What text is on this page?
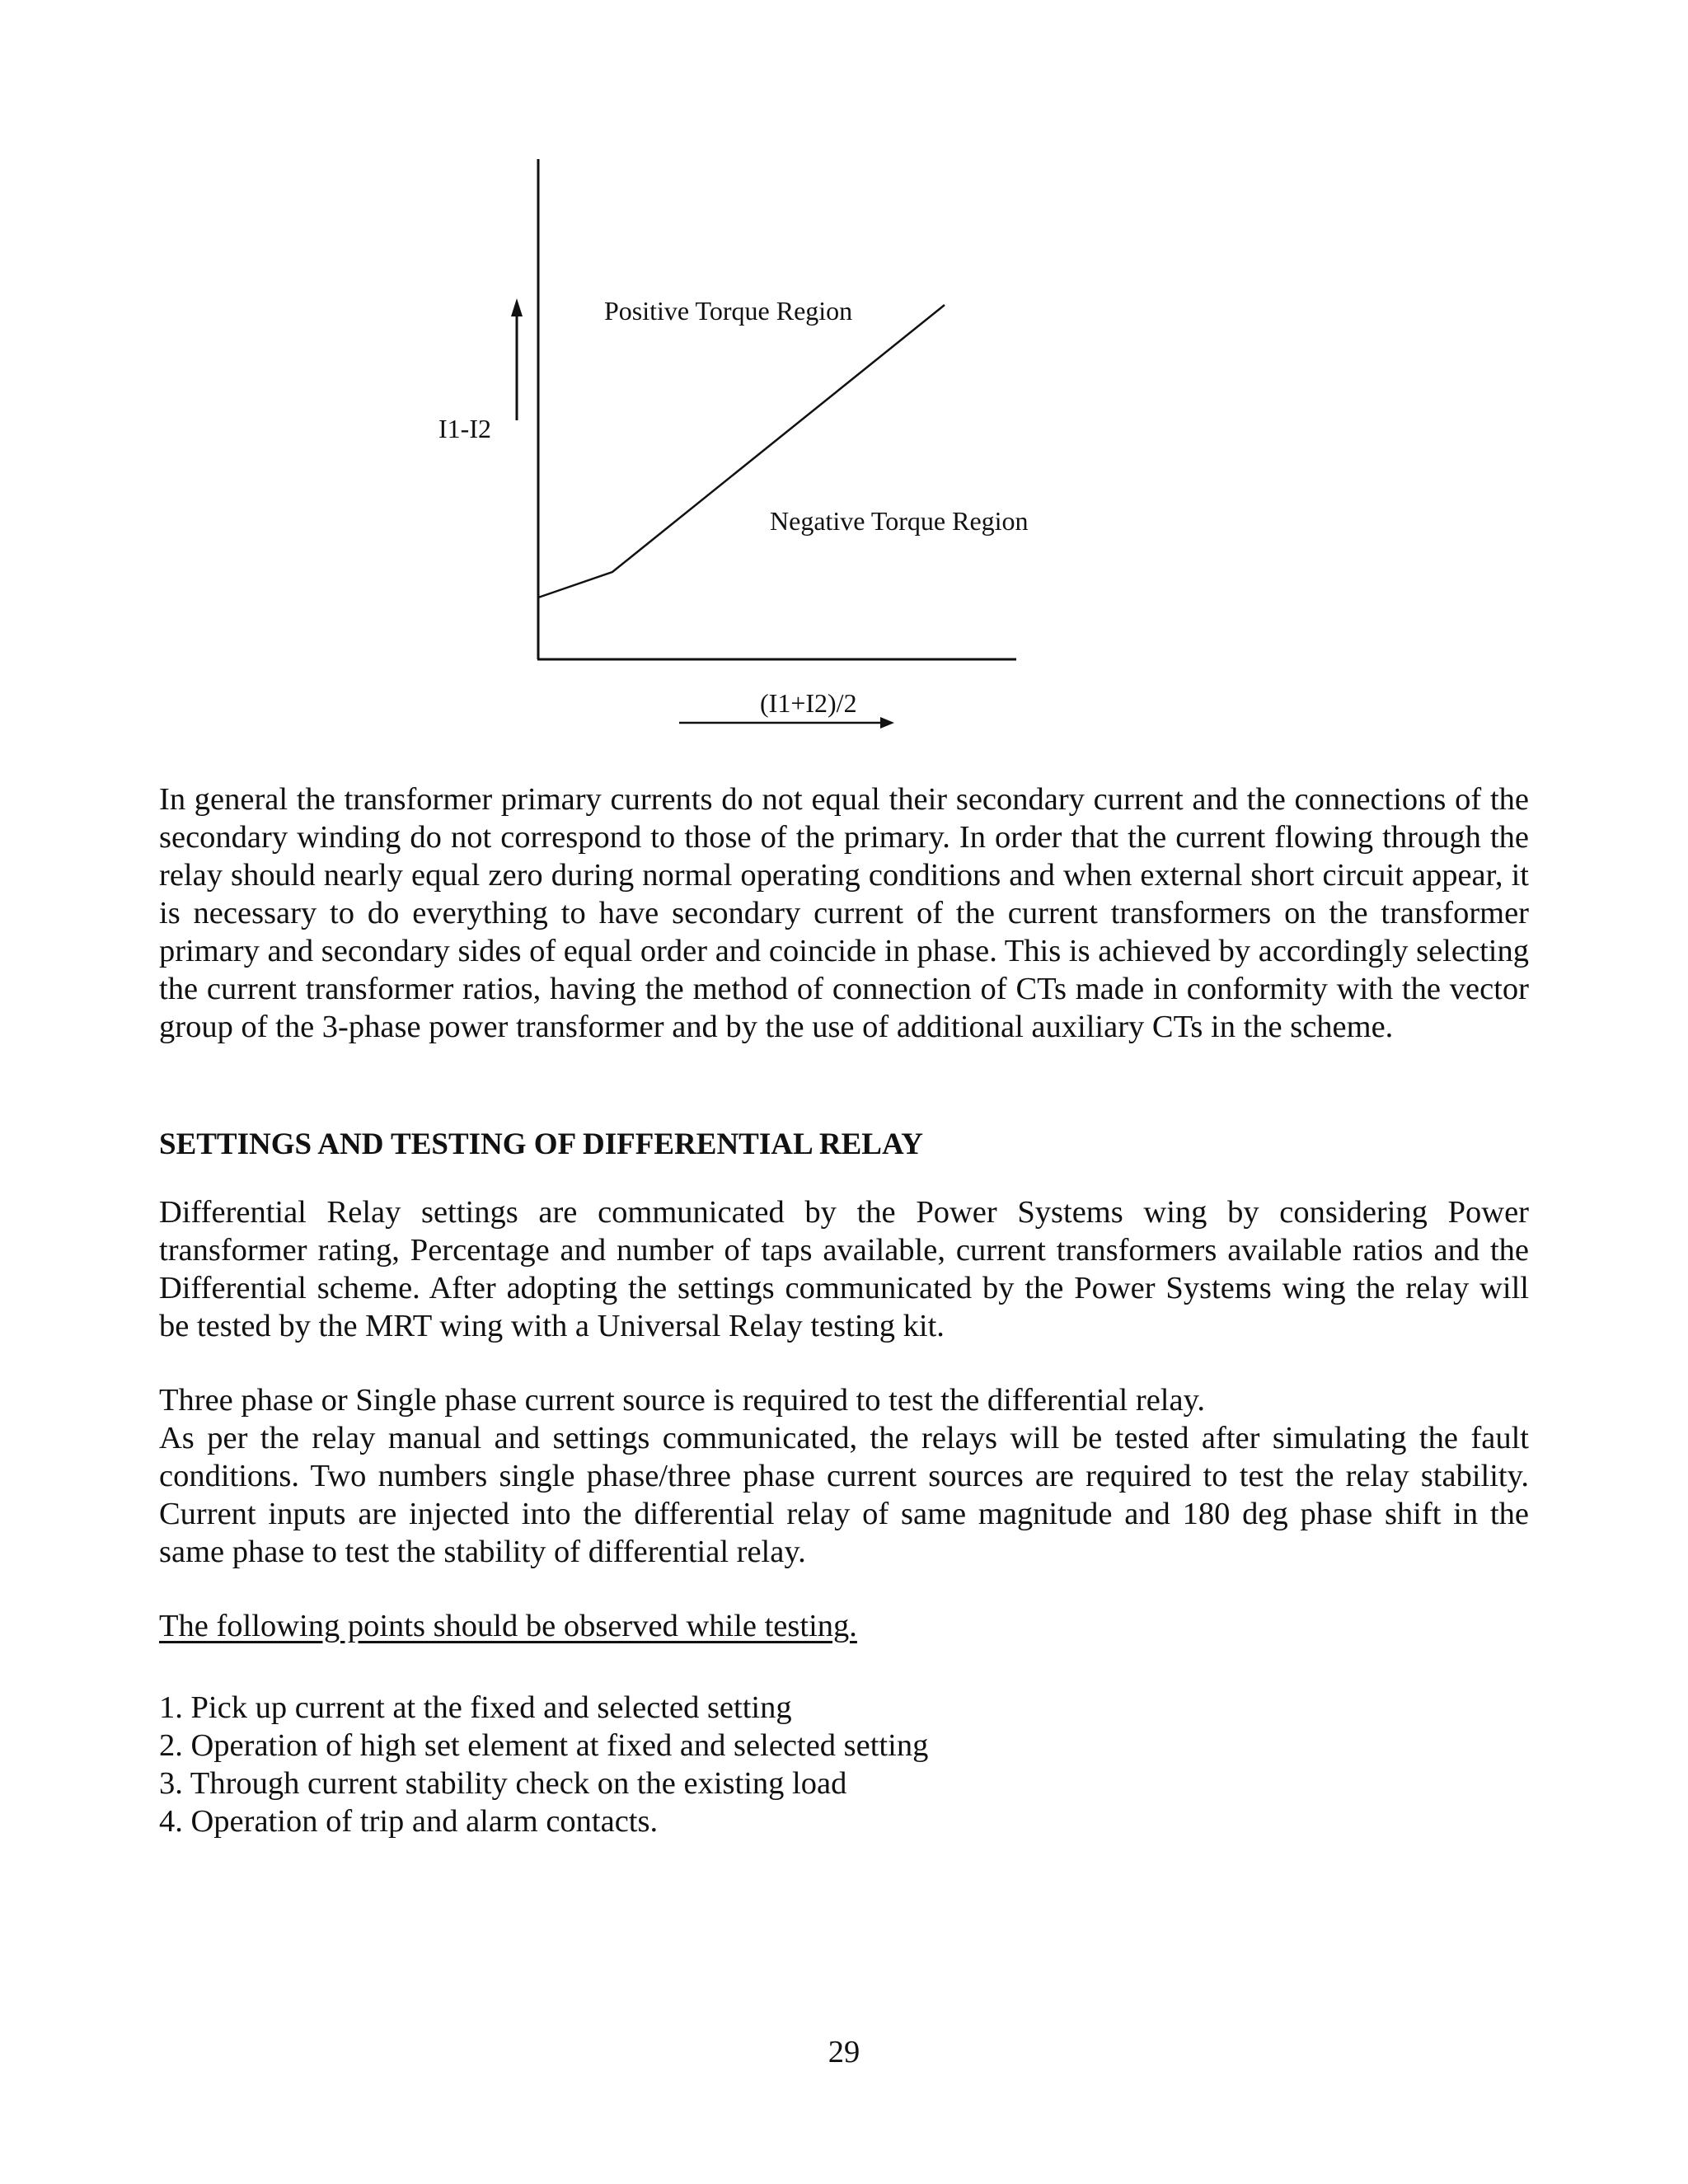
Positive Torque Region
Negative Torque Region
I1-I2
(I1+I2)/2

In general the transformer primary currents do not equal their secondary current and the connections of the secondary winding do not correspond to those of the primary. In order that the current flowing through the relay should nearly equal zero during normal operating conditions and when external short circuit appear, it is necessary to do everything to have secondary current of the current transformers on the transformer primary and secondary sides of equal order and coincide in phase. This is achieved by accordingly selecting the current transformer ratios, having the method of connection of CTs made in conformity with the vector group of the 3-phase power transformer and by the use of additional auxiliary CTs in the scheme.

SETTINGS AND TESTING OF DIFFERENTIAL RELAY

Differential Relay settings are communicated by the Power Systems wing by considering Power transformer rating, Percentage and number of taps available, current transformers available ratios and the Differential scheme. After adopting the settings communicated by the Power Systems wing the relay will be tested by the MRT wing with a Universal Relay testing kit.

Three phase or Single phase current source is required to test the differential relay.

As per the relay manual and settings communicated, the relays will be tested after simulating the fault conditions. Two numbers single phase/three phase current sources are required to test the relay stability. Current inputs are injected into the differential relay of same magnitude and 180 deg phase shift in the same phase to test the stability of differential relay.

The following points should be observed while testing.

1. Pick up current at the fixed and selected setting
2. Operation of high set element at fixed and selected setting
3. Through current stability check on the existing load
4. Operation of trip and alarm contacts.

29
